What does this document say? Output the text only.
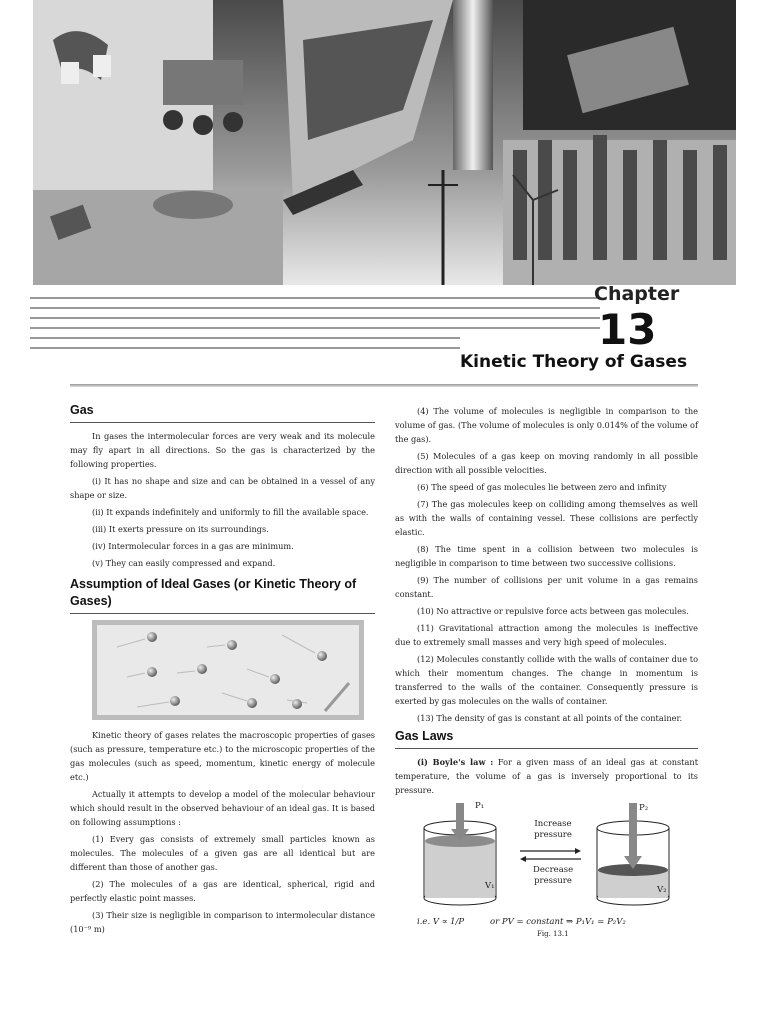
Chapter
13
Kinetic Theory of Gases
Gas

In gases the intermolecular forces are very weak and its molecule may fly apart in all directions. So the gas is characterized by the following properties.

(i) It has no shape and size and can be obtained in a vessel of any shape or size.

(ii) It expands indefinitely and uniformly to fill the available space.

(iii) It exerts pressure on its surroundings.

(iv) Intermolecular forces in a gas are minimum.

(v) They can easily compressed and expand.

Assumption of Ideal Gases (or Kinetic Theory of Gases)

Kinetic theory of gases relates the macroscopic properties of gases (such as pressure, temperature etc.) to the microscopic properties of the gas molecules (such as speed, momentum, kinetic energy of molecule etc.)

Actually it attempts to develop a model of the molecular behaviour which should result in the observed behaviour of an ideal gas. It is based on following assumptions :

(1) Every gas consists of extremely small particles known as molecules. The molecules of a given gas are all identical but are different than those of another gas.

(2) The molecules of a gas are identical, spherical, rigid and perfectly elastic point masses.

(3) Their size is negligible in comparison to intermolecular distance (10⁻⁹ m)

(4) The volume of molecules is negligible in comparison to the volume of gas. (The volume of molecules is only 0.014% of the volume of the gas).

(5) Molecules of a gas keep on moving randomly in all possible direction with all possible velocities.

(6) The speed of gas molecules lie between zero and infinity

(7) The gas molecules keep on colliding among themselves as well as with the walls of containing vessel. These collisions are perfectly elastic.

(8) The time spent in a collision between two molecules is negligible in comparison to time between two successive collisions.

(9) The number of collisions per unit volume in a gas remains constant.

(10) No attractive or repulsive force acts between gas molecules.

(11) Gravitational attraction among the molecules is ineffective due to extremely small masses and very high speed of molecules.

(12) Molecules constantly collide with the walls of container due to which their momentum changes. The change in momentum is transferred to the walls of the container. Consequently pressure is exerted by gas molecules on the walls of container.

(13) The density of gas is constant at all points of the container.

Gas Laws

(i) Boyle's law : For a given mass of an ideal gas at constant temperature, the volume of a gas is inversely proportional to its pressure.

P₁	P₂
V₁	V₂
Increase pressure
Decrease pressure
i.e. V ∝ 1/P	or PV = constant ⇒ P₁V₁ = P₂V₂
Fig. 13.1
